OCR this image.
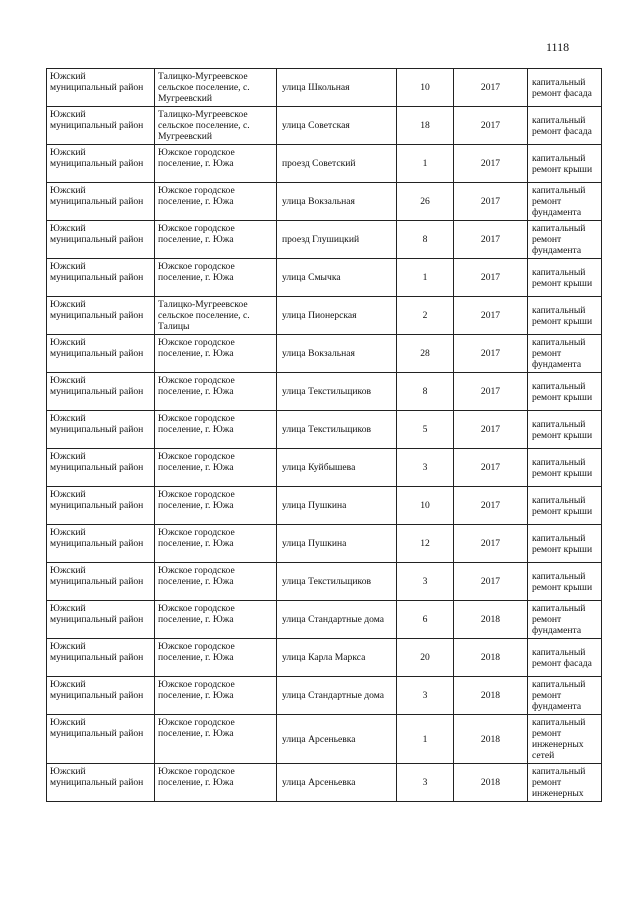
1118
Южский муниципальный район	Талицко-Мугреевское сельское поселение, с. Мугреевский	улица Школьная	10	2017	капитальный ремонт фасада
Южский муниципальный район	Талицко-Мугреевское сельское поселение, с. Мугреевский	улица Советская	18	2017	капитальный ремонт фасада
Южский муниципальный район	Южское городское поселение, г. Южа	проезд Советский	1	2017	капитальный ремонт крыши
Южский муниципальный район	Южское городское поселение, г. Южа	улица Вокзальная	26	2017	капитальный ремонт фундамента
Южский муниципальный район	Южское городское поселение, г. Южа	проезд Глушицкий	8	2017	капитальный ремонт фундамента
Южский муниципальный район	Южское городское поселение, г. Южа	улица Смычка	1	2017	капитальный ремонт крыши
Южский муниципальный район	Талицко-Мугреевское сельское поселение, с. Талицы	улица Пионерская	2	2017	капитальный ремонт крыши
Южский муниципальный район	Южское городское поселение, г. Южа	улица Вокзальная	28	2017	капитальный ремонт фундамента
Южский муниципальный район	Южское городское поселение, г. Южа	улица Текстильщиков	8	2017	капитальный ремонт крыши
Южский муниципальный район	Южское городское поселение, г. Южа	улица Текстильщиков	5	2017	капитальный ремонт крыши
Южский муниципальный район	Южское городское поселение, г. Южа	улица Куйбышева	3	2017	капитальный ремонт крыши
Южский муниципальный район	Южское городское поселение, г. Южа	улица Пушкина	10	2017	капитальный ремонт крыши
Южский муниципальный район	Южское городское поселение, г. Южа	улица Пушкина	12	2017	капитальный ремонт крыши
Южский муниципальный район	Южское городское поселение, г. Южа	улица Текстильщиков	3	2017	капитальный ремонт крыши
Южский муниципальный район	Южское городское поселение, г. Южа	улица Стандартные дома	6	2018	капитальный ремонт фундамента
Южский муниципальный район	Южское городское поселение, г. Южа	улица Карла Маркса	20	2018	капитальный ремонт фасада
Южский муниципальный район	Южское городское поселение, г. Южа	улица Стандартные дома	3	2018	капитальный ремонт фундамента
Южский муниципальный район	Южское городское поселение, г. Южа	улица Арсеньевка	1	2018	капитальный ремонт инженерных сетей
Южский муниципальный район	Южское городское поселение, г. Южа	улица Арсеньевка	3	2018	капитальный ремонт инженерных
